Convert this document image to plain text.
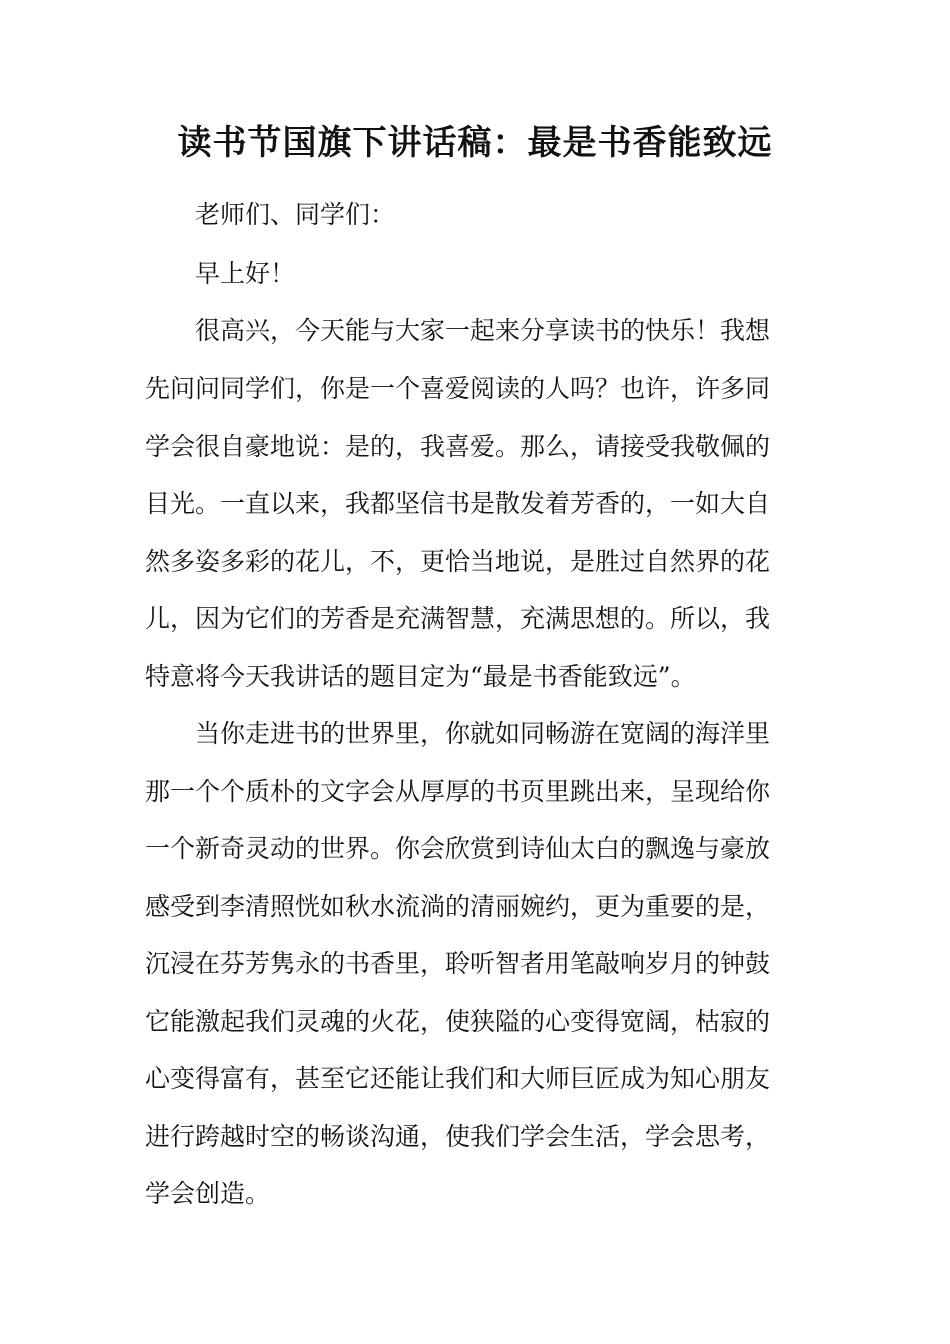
读书节国旗下讲话稿：最是书香能致远

老师们、同学们：

早上好！

很高兴，今天能与大家一起来分享读书的快乐！我想

先问问同学们，你是一个喜爱阅读的人吗？也许，许多同

学会很自豪地说：是的，我喜爱。那么，请接受我敬佩的

目光。一直以来，我都坚信书是散发着芳香的，一如大自

然多姿多彩的花儿，不，更恰当地说，是胜过自然界的花

儿，因为它们的芳香是充满智慧，充满思想的。所以，我

特意将今天我讲话的题目定为“最是书香能致远”。

当你走进书的世界里，你就如同畅游在宽阔的海洋里

那一个个质朴的文字会从厚厚的书页里跳出来，呈现给你

一个新奇灵动的世界。你会欣赏到诗仙太白的飘逸与豪放

感受到李清照恍如秋水流淌的清丽婉约，更为重要的是，

沉浸在芬芳隽永的书香里，聆听智者用笔敲响岁月的钟鼓

它能激起我们灵魂的火花，使狭隘的心变得宽阔，枯寂的

心变得富有，甚至它还能让我们和大师巨匠成为知心朋友

进行跨越时空的畅谈沟通，使我们学会生活，学会思考，

学会创造。
